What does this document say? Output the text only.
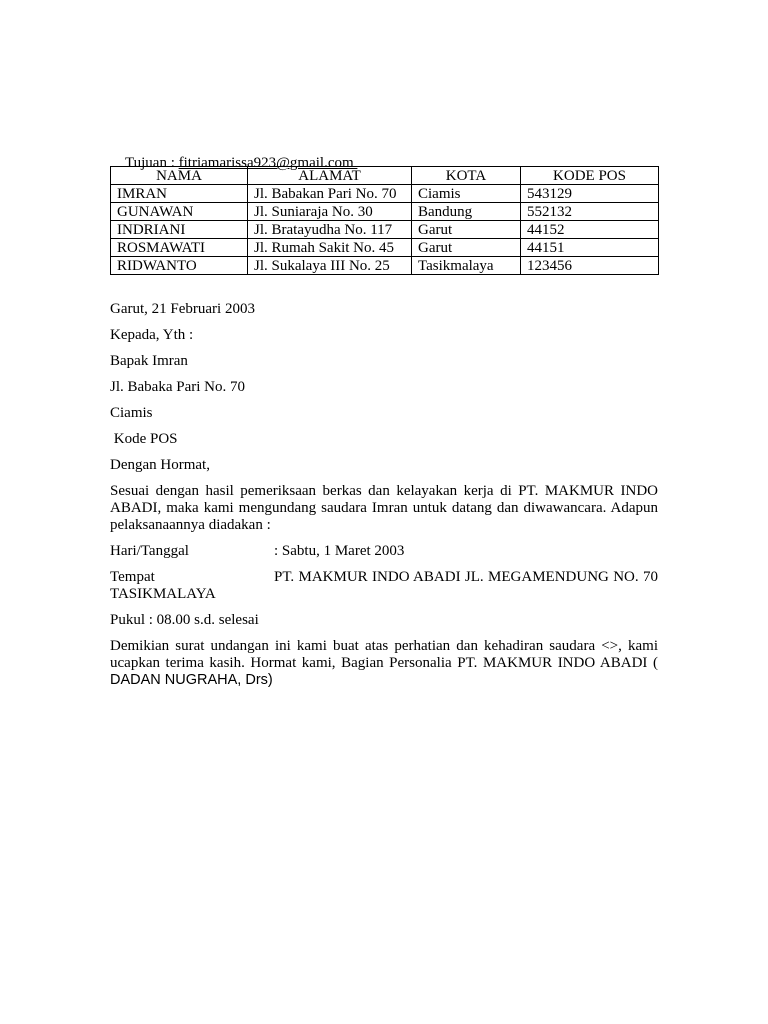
Tujuan : fitriamarissa923@gmail.com

NAMA	ALAMAT	KOTA	KODE POS
IMRAN	Jl. Babakan Pari No. 70	Ciamis	543129
GUNAWAN	Jl. Suniaraja No. 30	Bandung	552132
INDRIANI	Jl. Bratayudha No. 117	Garut	44152
ROSMAWATI	Jl. Rumah Sakit No. 45	Garut	44151
RIDWANTO	Jl. Sukalaya III No. 25	Tasikmalaya	123456

Garut, 21 Februari 2003

Kepada, Yth :

Bapak Imran

Jl. Babaka Pari No. 70

Ciamis

Kode POS

Dengan Hormat,

Sesuai dengan hasil pemeriksaan berkas dan kelayakan kerja di PT. MAKMUR INDO ABADI, maka kami mengundang saudara Imran untuk datang dan diwawancara. Adapun pelaksanaannya diadakan :

Hari/Tanggal	: Sabtu, 1 Maret 2003

Tempat	PT. MAKMUR INDO ABADI JL. MEGAMENDUNG NO. 70 TASIKMALAYA

Pukul : 08.00 s.d. selesai

Demikian surat undangan ini kami buat atas perhatian dan kehadiran saudara <>, kami ucapkan terima kasih. Hormat kami, Bagian Personalia PT. MAKMUR INDO ABADI ( DADAN NUGRAHA, Drs)
